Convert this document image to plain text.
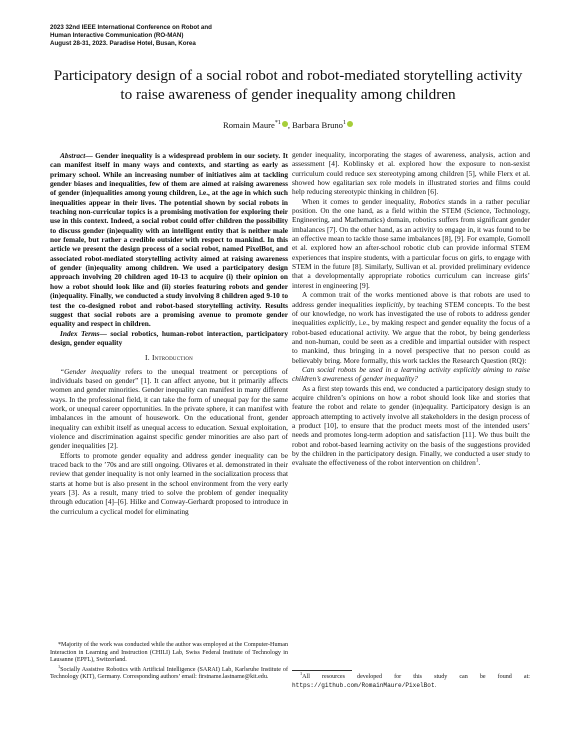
2023 32nd IEEE International Conference on Robot and
Human Interactive Communication (RO-MAN)
August 28-31, 2023. Paradise Hotel, Busan, Korea
Participatory design of a social robot and robot-mediated storytelling activity
to raise awareness of gender inequality among children
Romain Maure$^{*1}$ , Barbara Bruno$^1$

Abstract— Gender inequality is a widespread problem in our society. It can manifest itself in many ways and contexts, and starting as early as primary school. While an increasing number of initiatives aim at tackling gender biases and inequalities, few of them are aimed at raising awareness of gender (in)equalities among young children, i.e., at the age in which such inequalities appear in their lives. The potential shown by social robots in teaching non-curricular topics is a promising motivation for exploring their use in this context. Indeed, a social robot could offer children the possibility to discuss gender (in)equality with an intelligent entity that is neither male nor female, but rather a credible outsider with respect to mankind. In this article we present the design process of a social robot, named PixelBot, and associated robot-mediated storytelling activity aimed at raising awareness of gender (in)equality among children. We used a participatory design approach involving 20 children aged 10-13 to acquire (i) their opinion on how a robot should look like and (ii) stories featuring robots and gender (in)equality. Finally, we conducted a study involving 8 children aged 9-10 to test the co-designed robot and robot-based storytelling activity. Results suggest that social robots are a promising avenue to promote gender equality and respect in children.

Index Terms— social robotics, human-robot interaction, participatory design, gender equality

I. Introduction

“Gender inequality refers to the unequal treatment or perceptions of individuals based on gender” [1]. It can affect anyone, but it primarily affects women and gender minorities. Gender inequality can manifest in many different ways. In the professional field, it can take the form of unequal pay for the same work, or unequal career opportunities. In the private sphere, it can manifest with imbalances in the amount of housework. On the educational front, gender inequality can exhibit itself as unequal access to education. Sexual exploitation, violence and discrimination against specific gender minorities are also part of gender inequalities [2].

Efforts to promote gender equality and address gender inequality can be traced back to the ’70s and are still ongoing. Olivares et al. demonstrated in their review that gender inequality is not only learned in the socialization process that starts at home but is also present in the school environment from the very early years [3]. As a result, many tried to solve the problem of gender inequality through education [4]–[6]. Hilke and Conway-Gerhardt proposed to introduce in the curriculum a cyclical model for eliminating

*Majority of the work was conducted while the author was employed at the Computer-Human Interaction in Learning and Instruction (CHILI) Lab, Swiss Federal Institute of Technology in Lausanne (EPFL), Switzerland.

$^1$Socially Assistive Robotics with Artificial Intelligence (SARAI) Lab, Karlsruhe Institute of Technology (KIT), Germany. Corresponding authors’ email: firstname.lastname@kit.edu.

gender inequality, incorporating the stages of awareness, analysis, action and assessment [4]. Koblinsky et al. explored how the exposure to non-sexist curriculum could reduce sex stereotyping among children [5], while Flerx et al. showed how egalitarian sex role models in illustrated stories and films could help reducing stereotypic thinking in children [6].

When it comes to gender inequality, Robotics stands in a rather peculiar position. On the one hand, as a field within the STEM (Science, Technology, Engineering, and Mathematics) domain, robotics suffers from significant gender imbalances [7]. On the other hand, as an activity to engage in, it was found to be an effective mean to tackle those same imbalances [8], [9]. For example, Gomoll et al. explored how an after-school robotic club can provide informal STEM experiences that inspire students, with a particular focus on girls, to engage with STEM in the future [8]. Similarly, Sullivan et al. provided preliminary evidence that a developmentally appropriate robotics curriculum can increase girls’ interest in engineering [9].

A common trait of the works mentioned above is that robots are used to address gender inequalities implicitly, by teaching STEM concepts. To the best of our knowledge, no work has investigated the use of robots to address gender inequalities explicitly, i.e., by making respect and gender equality the focus of a robot-based educational activity. We argue that the robot, by being genderless and non-human, could be seen as a credible and impartial outsider with respect to mankind, thus bringing in a novel perspective that no person could as believably bring. More formally, this work tackles the Research Question (RQ):

Can social robots be used in a learning activity explicitly aiming to raise children’s awareness of gender inequality?

As a first step towards this end, we conducted a participatory design study to acquire children’s opinions on how a robot should look like and stories that feature the robot and relate to gender (in)equality. Participatory design is an approach attempting to actively involve all stakeholders in the design process of a product [10], to ensure that the product meets most of the intended users’ needs and promotes long-term adoption and satisfaction [11]. We thus built the robot and robot-based learning activity on the basis of the suggestions provided by the children in the participatory design. Finally, we conducted a user study to evaluate the effectiveness of the robot intervention on children$^1$.

$^1$All resources developed for this study can be found at: https://github.com/RomainMaure/PixelBot.
